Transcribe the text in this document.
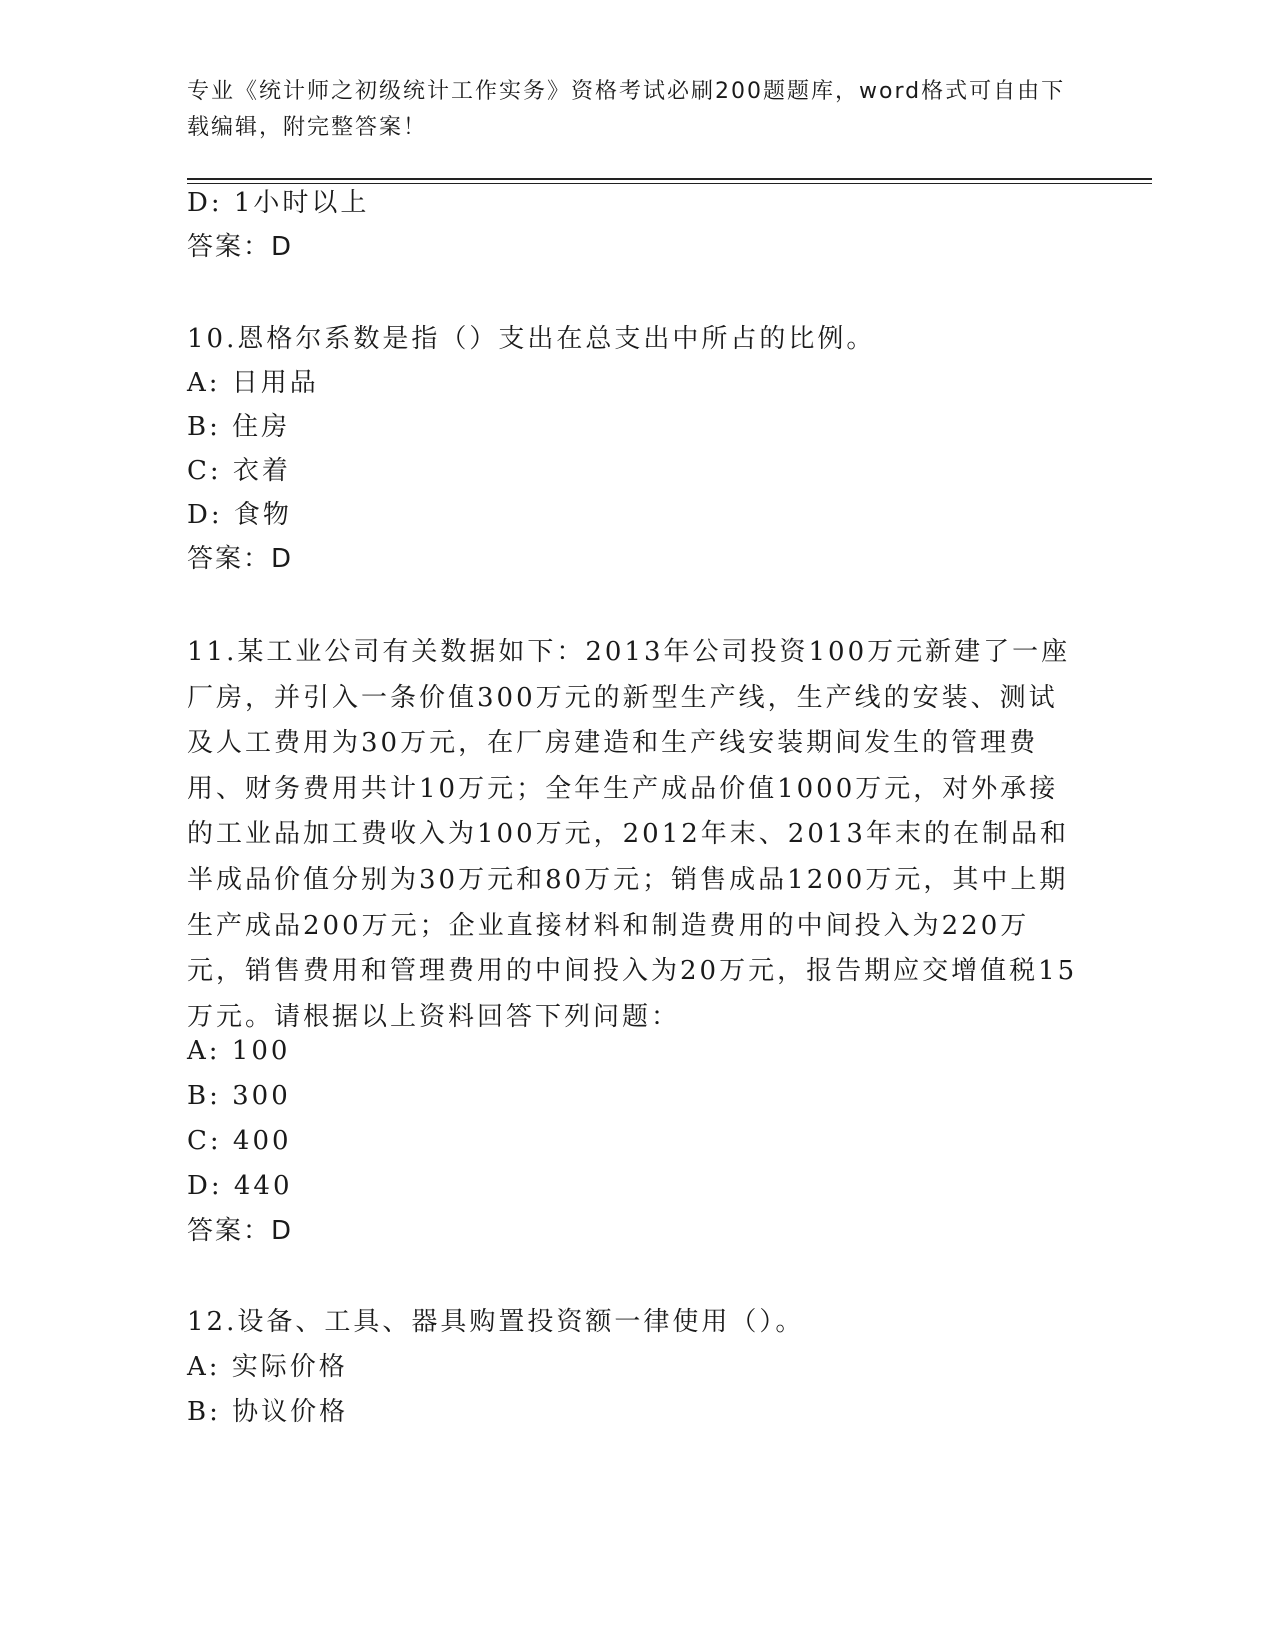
专业《统计师之初级统计工作实务》资格考试必刷200题题库，word格式可自由下载编辑，附完整答案！
D: 1小时以上
答案：D
10.恩格尔系数是指（）支出在总支出中所占的比例。
A: 日用品
B: 住房
C: 衣着
D: 食物
答案：D
11.某工业公司有关数据如下：2013年公司投资100万元新建了一座厂房，并引入一条价值300万元的新型生产线，生产线的安装、测试及人工费用为30万元，在厂房建造和生产线安装期间发生的管理费用、财务费用共计10万元；全年生产成品价值1000万元，对外承接的工业品加工费收入为100万元，2012年末、2013年末的在制品和半成品价值分别为30万元和80万元；销售成品1200万元，其中上期生产成品200万元；企业直接材料和制造费用的中间投入为220万元，销售费用和管理费用的中间投入为20万元，报告期应交增值税15万元。请根据以上资料回答下列问题：
A: 100
B: 300
C: 400
D: 440
答案：D
12.设备、工具、器具购置投资额一律使用（）。
A: 实际价格
B: 协议价格
